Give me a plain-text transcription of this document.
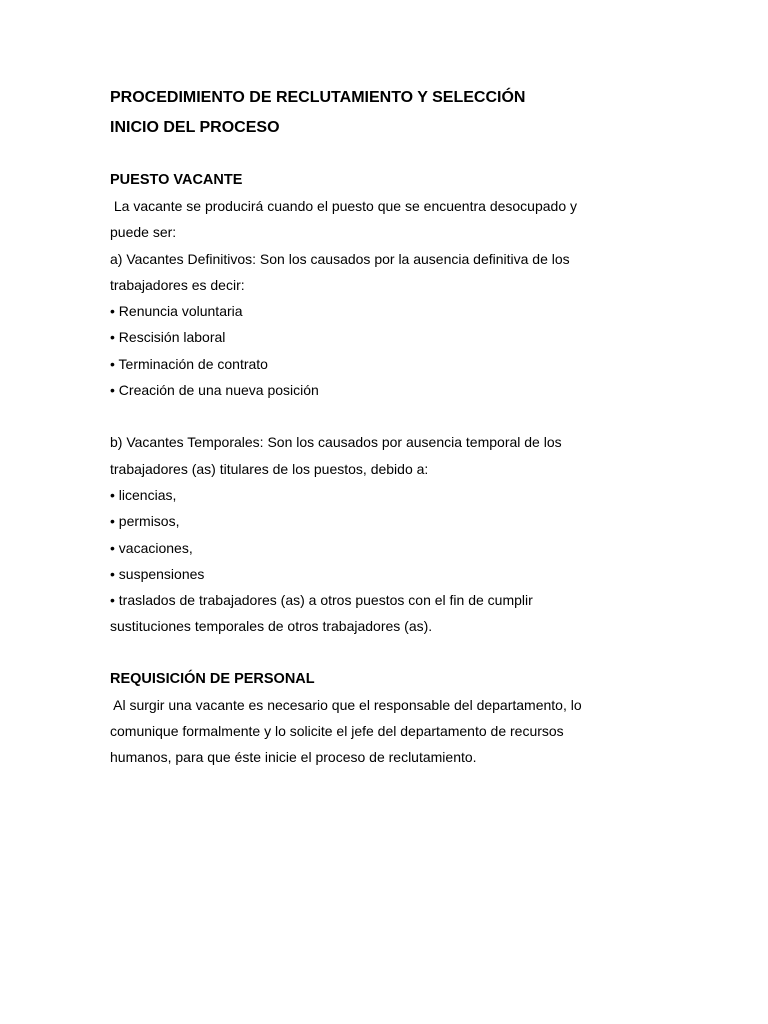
PROCEDIMIENTO DE RECLUTAMIENTO Y SELECCIÓN

INICIO DEL PROCESO

PUESTO VACANTE

La vacante se producirá cuando el puesto que se encuentra desocupado y

puede ser:

a) Vacantes Definitivos: Son los causados por la ausencia definitiva de los

trabajadores es decir:

• Renuncia voluntaria

• Rescisión laboral

• Terminación de contrato

• Creación de una nueva posición

b) Vacantes Temporales: Son los causados por ausencia temporal de los

trabajadores (as) titulares de los puestos, debido a:

• licencias,

• permisos,

• vacaciones,

• suspensiones

• traslados de trabajadores (as) a otros puestos con el fin de cumplir

sustituciones temporales de otros trabajadores (as).

REQUISICIÓN DE PERSONAL

Al surgir una vacante es necesario que el responsable del departamento, lo

comunique formalmente y lo solicite el jefe del departamento de recursos

humanos, para que éste inicie el proceso de reclutamiento.
